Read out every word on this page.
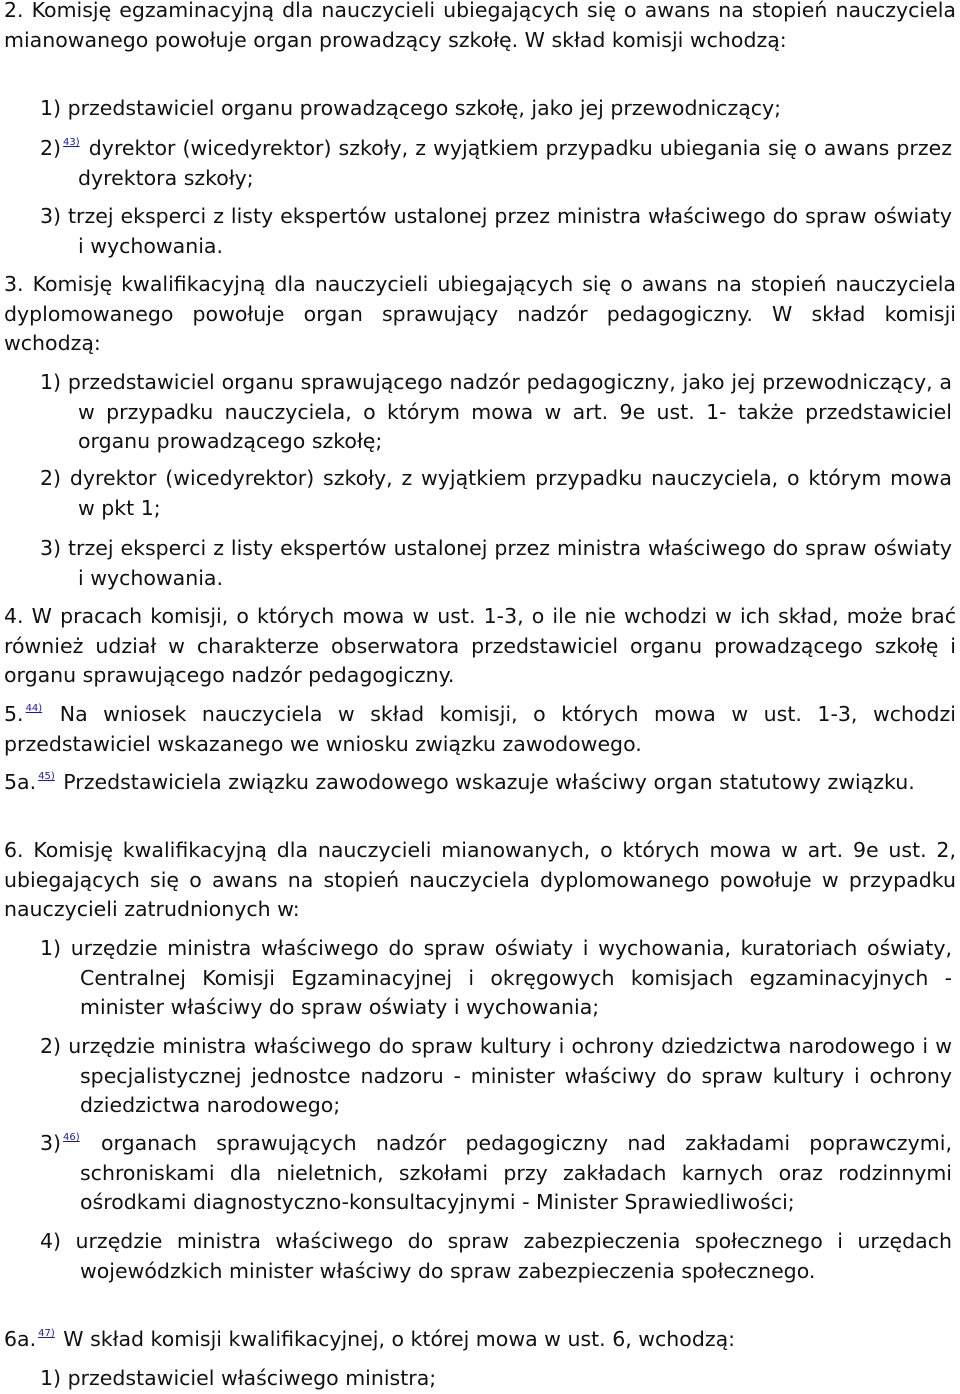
2. Komisję egzaminacyjną dla nauczycieli ubiegających się o awans na stopień nauczyciela mianowanego powołuje organ prowadzący szkołę. W skład komisji wchodzą:

1) przedstawiciel organu prowadzącego szkołę, jako jej przewodniczący;

2) $^{43)}$ dyrektor (wicedyrektor) szkoły, z wyjątkiem przypadku ubiegania się o awans przez dyrektora szkoły;

3) trzej eksperci z listy ekspertów ustalonej przez ministra właściwego do spraw oświaty i wychowania.

3. Komisję kwalifikacyjną dla nauczycieli ubiegających się o awans na stopień nauczyciela dyplomowanego powołuje organ sprawujący nadzór pedagogiczny. W skład komisji wchodzą:

1) przedstawiciel organu sprawującego nadzór pedagogiczny, jako jej przewodniczący, a w przypadku nauczyciela, o którym mowa w art. 9e ust. 1- także przedstawiciel organu prowadzącego szkołę;

2) dyrektor (wicedyrektor) szkoły, z wyjątkiem przypadku nauczyciela, o którym mowa w pkt 1;

3) trzej eksperci z listy ekspertów ustalonej przez ministra właściwego do spraw oświaty i wychowania.

4. W pracach komisji, o których mowa w ust. 1-3, o ile nie wchodzi w ich skład, może brać również udział w charakterze obserwatora przedstawiciel organu prowadzącego szkołę i organu sprawującego nadzór pedagogiczny.

5. $^{44)}$ Na wniosek nauczyciela w skład komisji, o których mowa w ust. 1-3, wchodzi przedstawiciel wskazanego we wniosku związku zawodowego.

5a. $^{45)}$ Przedstawiciela związku zawodowego wskazuje właściwy organ statutowy związku.

6. Komisję kwalifikacyjną dla nauczycieli mianowanych, o których mowa w art. 9e ust. 2, ubiegających się o awans na stopień nauczyciela dyplomowanego powołuje w przypadku nauczycieli zatrudnionych w:

1) urzędzie ministra właściwego do spraw oświaty i wychowania, kuratoriach oświaty, Centralnej Komisji Egzaminacyjnej i okręgowych komisjach egzaminacyjnych - minister właściwy do spraw oświaty i wychowania;

2) urzędzie ministra właściwego do spraw kultury i ochrony dziedzictwa narodowego i w specjalistycznej jednostce nadzoru - minister właściwy do spraw kultury i ochrony dziedzictwa narodowego;

3) $^{46)}$ organach sprawujących nadzór pedagogiczny nad zakładami poprawczymi, schroniskami dla nieletnich, szkołami przy zakładach karnych oraz rodzinnymi ośrodkami diagnostyczno-konsultacyjnymi - Minister Sprawiedliwości;

4) urzędzie ministra właściwego do spraw zabezpieczenia społecznego i urzędach wojewódzkich minister właściwy do spraw zabezpieczenia społecznego.

6a. $^{47)}$ W skład komisji kwalifikacyjnej, o której mowa w ust. 6, wchodzą:

1) przedstawiciel właściwego ministra;
